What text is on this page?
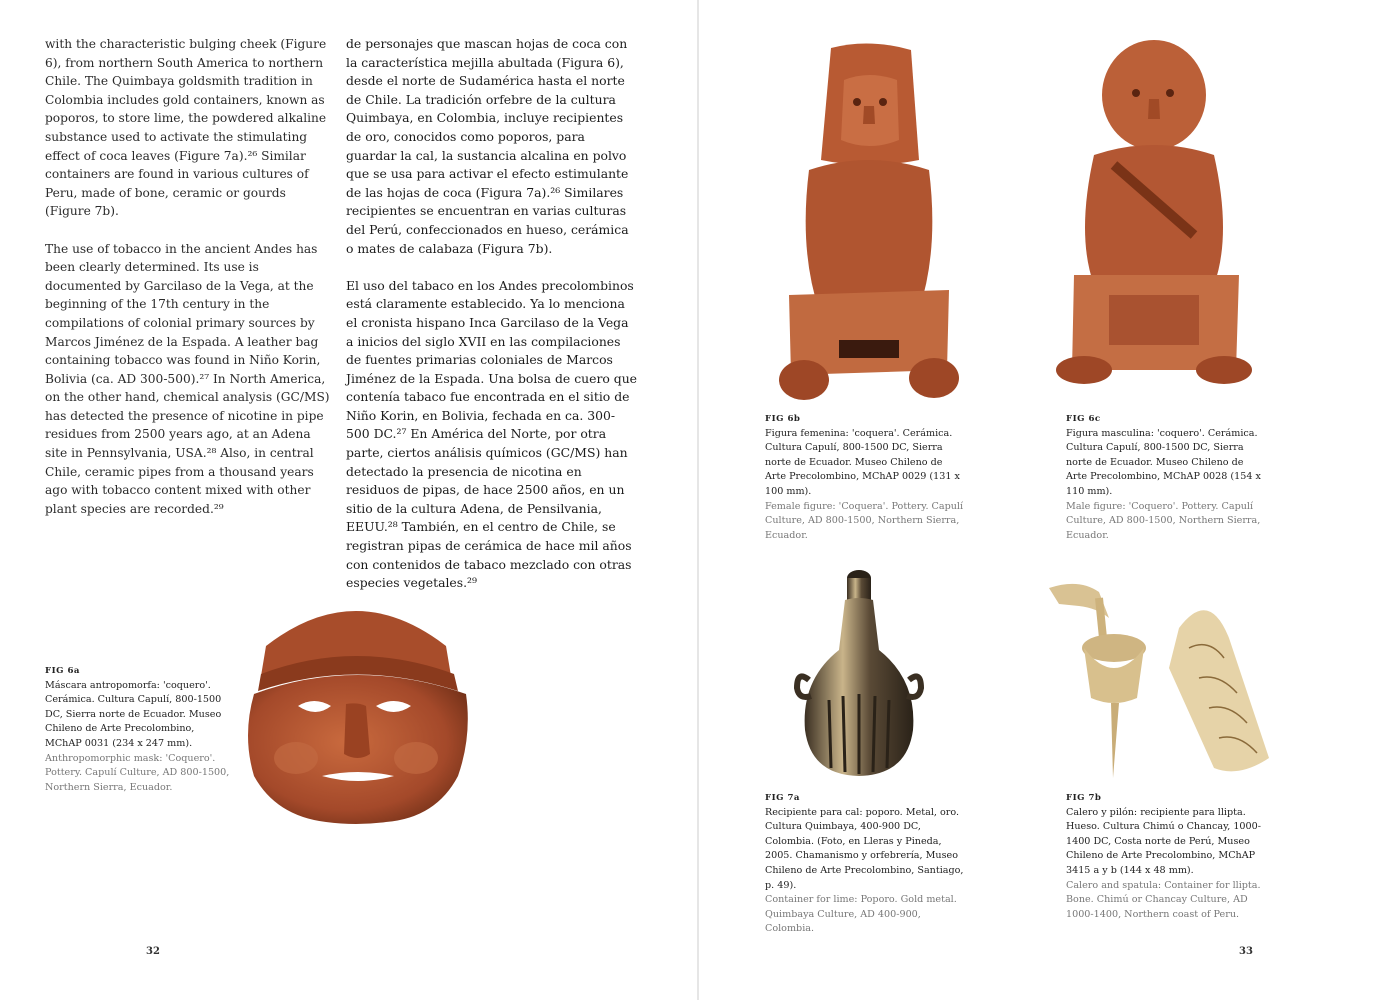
with the characteristic bulging cheek (Figure 6), from northern South America to northern Chile. The Quimbaya goldsmith tradition in Colombia includes gold containers, known as poporos, to store lime, the powdered alkaline substance used to activate the stimulating effect of coca leaves (Figure 7a).²⁶ Similar containers are found in various cultures of Peru, made of bone, ceramic or gourds (Figure 7b).

The use of tobacco in the ancient Andes has been clearly determined. Its use is documented by Garcilaso de la Vega, at the beginning of the 17th century in the compilations of colonial primary sources by Marcos Jiménez de la Espada. A leather bag containing tobacco was found in Niño Korin, Bolivia (ca. AD 300-500).²⁷ In North America, on the other hand, chemical analysis (GC/MS) has detected the presence of nicotine in pipe residues from 2500 years ago, at an Adena site in Pennsylvania, USA.²⁸ Also, in central Chile, ceramic pipes from a thousand years ago with tobacco content mixed with other plant species are recorded.²⁹

de personajes que mascan hojas de coca con la característica mejilla abultada (Figura 6), desde el norte de Sudamérica hasta el norte de Chile. La tradición orfebre de la cultura Quimbaya, en Colombia, incluye recipientes de oro, conocidos como poporos, para guardar la cal, la sustancia alcalina en polvo que se usa para activar el efecto estimulante de las hojas de coca (Figura 7a).²⁶ Similares recipientes se encuentran en varias culturas del Perú, confeccionados en hueso, cerámica o mates de calabaza (Figura 7b).

El uso del tabaco en los Andes precolombinos está claramente establecido. Ya lo menciona el cronista hispano Inca Garcilaso de la Vega a inicios del siglo XVII en las compilaciones de fuentes primarias coloniales de Marcos Jiménez de la Espada. Una bolsa de cuero que contenía tabaco fue encontrada en el sitio de Niño Korin, en Bolivia, fechada en ca. 300-500 DC.²⁷ En América del Norte, por otra parte, ciertos análisis químicos (GC/MS) han detectado la presencia de nicotina en residuos de pipas, de hace 2500 años, en un sitio de la cultura Adena, de Pensilvania, EEUU.²⁸ También, en el centro de Chile, se registran pipas de cerámica de hace mil años con contenidos de tabaco mezclado con otras especies vegetales.²⁹

FIG 6a
Máscara antropomorfa: 'coquero'. Cerámica. Cultura Capulí, 800-1500 DC, Sierra norte de Ecuador. Museo Chileno de Arte Precolombino, MChAP 0031 (234 x 247 mm).
Anthropomorphic mask: 'Coquero'. Pottery. Capulí Culture, AD 800-1500, Northern Sierra, Ecuador.
32
FIG 6b
Figura femenina: 'coquera'. Cerámica. Cultura Capulí, 800-1500 DC, Sierra norte de Ecuador. Museo Chileno de Arte Precolombino, MChAP 0029 (131 x 100 mm).
Female figure: 'Coquera'. Pottery. Capulí Culture, AD 800-1500, Northern Sierra, Ecuador.
FIG 6c
Figura masculina: 'coquero'. Cerámica. Cultura Capulí, 800-1500 DC, Sierra norte de Ecuador. Museo Chileno de Arte Precolombino, MChAP 0028 (154 x 110 mm).
Male figure: 'Coquero'. Pottery. Capulí Culture, AD 800-1500, Northern Sierra, Ecuador.
FIG 7a
Recipiente para cal: poporo. Metal, oro. Cultura Quimbaya, 400-900 DC, Colombia. (Foto, en Lleras y Pineda, 2005. Chamanismo y orfebrería, Museo Chileno de Arte Precolombino, Santiago, p. 49).
Container for lime: Poporo. Gold metal. Quimbaya Culture, AD 400-900, Colombia.
FIG 7b
Calero y pilón: recipiente para llipta. Hueso. Cultura Chimú o Chancay, 1000-1400 DC, Costa norte de Perú, Museo Chileno de Arte Precolombino, MChAP 3415 a y b (144 x 48 mm).
Calero and spatula: Container for llipta. Bone. Chimú or Chancay Culture, AD 1000-1400, Northern coast of Peru.
33
